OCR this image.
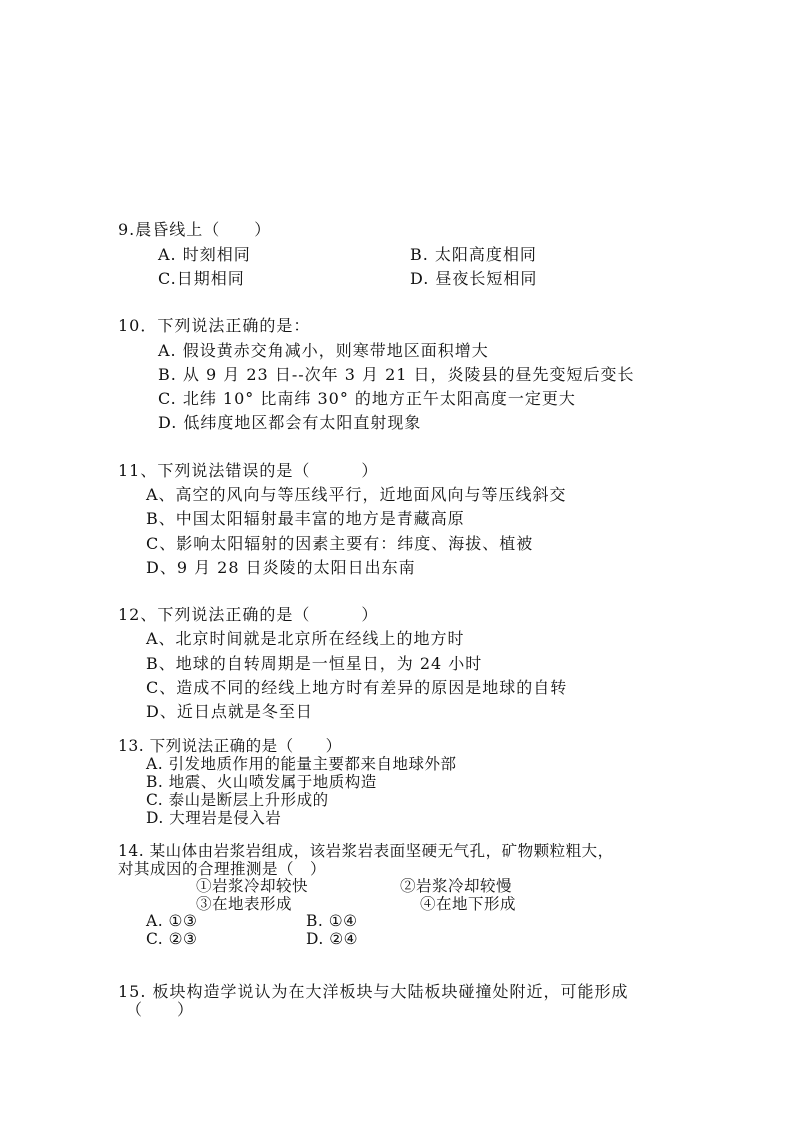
9.晨昏线上（　　）
A. 时刻相同	B. 太阳高度相同
C.日期相同	D. 昼夜长短相同
10．下列说法正确的是：
A. 假设黄赤交角减小，则寒带地区面积增大
B. 从 9 月 23 日--次年 3 月 21 日，炎陵县的昼先变短后变长
C. 北纬 10° 比南纬 30° 的地方正午太阳高度一定更大
D. 低纬度地区都会有太阳直射现象
11、下列说法错误的是（　　　）
A、高空的风向与等压线平行，近地面风向与等压线斜交
B、中国太阳辐射最丰富的地方是青藏高原
C、影响太阳辐射的因素主要有：纬度、海拔、植被
D、9 月 28 日炎陵的太阳日出东南
12、下列说法正确的是（　　　）
A、北京时间就是北京所在经线上的地方时
B、地球的自转周期是一恒星日，为 24 小时
C、造成不同的经线上地方时有差异的原因是地球的自转
D、近日点就是冬至日
13. 下列说法正确的是（　　）
A. 引发地质作用的能量主要都来自地球外部
B. 地震、火山喷发属于地质构造
C. 泰山是断层上升形成的
D. 大理岩是侵入岩
14. 某山体由岩浆岩组成，该岩浆岩表面坚硬无气孔，矿物颗粒粗大，
对其成因的合理推测是（　）
①岩浆冷却较快	②岩浆冷却较慢
③在地表形成	④在地下形成
A. ①③	B. ①④
C. ②③	D. ②④
15. 板块构造学说认为在大洋板块与大陆板块碰撞处附近，可能形成
（　　）
